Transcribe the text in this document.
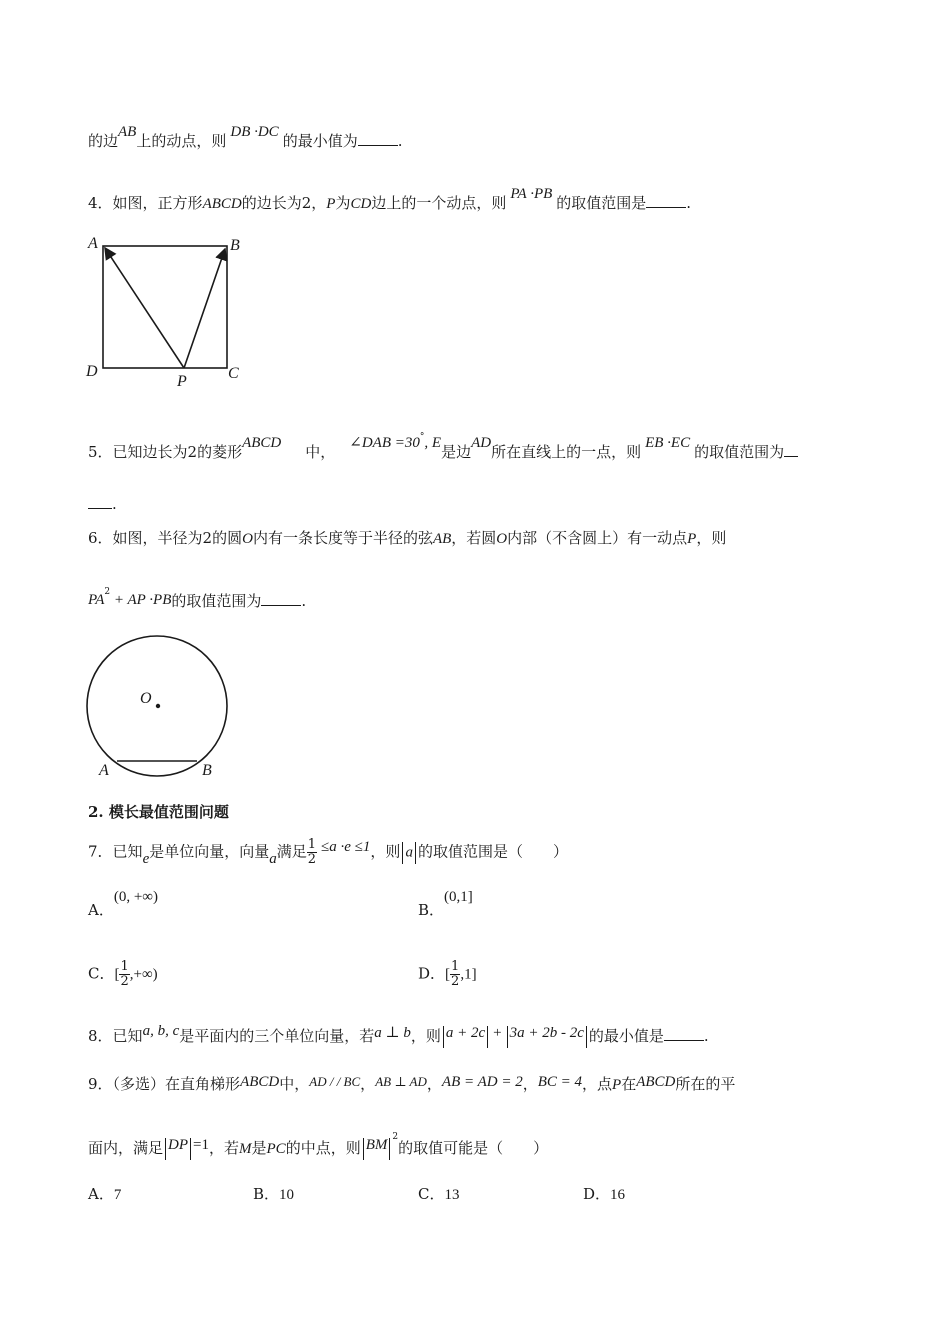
的边AB上的动点，则 DB ·DC 的最小值为	.
4．如图，正方形ABCD的边长为2，P为CD边上的一个动点，则 PA ·PB 的取值范围是	.
A	B
D	C
P
5．已知边长为2的菱形ABCD 中， ∠DAB =30°, E是边AD所在直线上的一点，则 EB ·EC 的取值范围为
.
6．如图，半径为2的圆O内有一条长度等于半径的弦AB，若圆O内部（不含圆上）有一动点P，则
$PA^2$ + AP ·PB的取值范围为	.
O
A	B
2. 模长最值范围问题
7．已知e是单位向量，向量a满足 $\frac{1}{2} \le a \cdot e \le 1$，则 a 的取值范围是（　　）
A．(0, +∞)
B．(0,1]
C．[ $\frac{1}{2}$ ,+∞)	D．[ $\frac{1}{2} ,1$]
8．已知a, b, c是平面内的三个单位向量，若a ⊥ b，则 a + 2c + 3a + 2b - 2c 的最小值是	.
9．（多选）在直角梯形ABCD中，AD / / BC，AB ⊥ AD，AB = AD = 2，BC = 4，点P在ABCD所在的平
面内，满足 DP =1，若M是PC的中点，则 BM $^2$的取值可能是（　　）
A．7	B．10	C．13	D．16
